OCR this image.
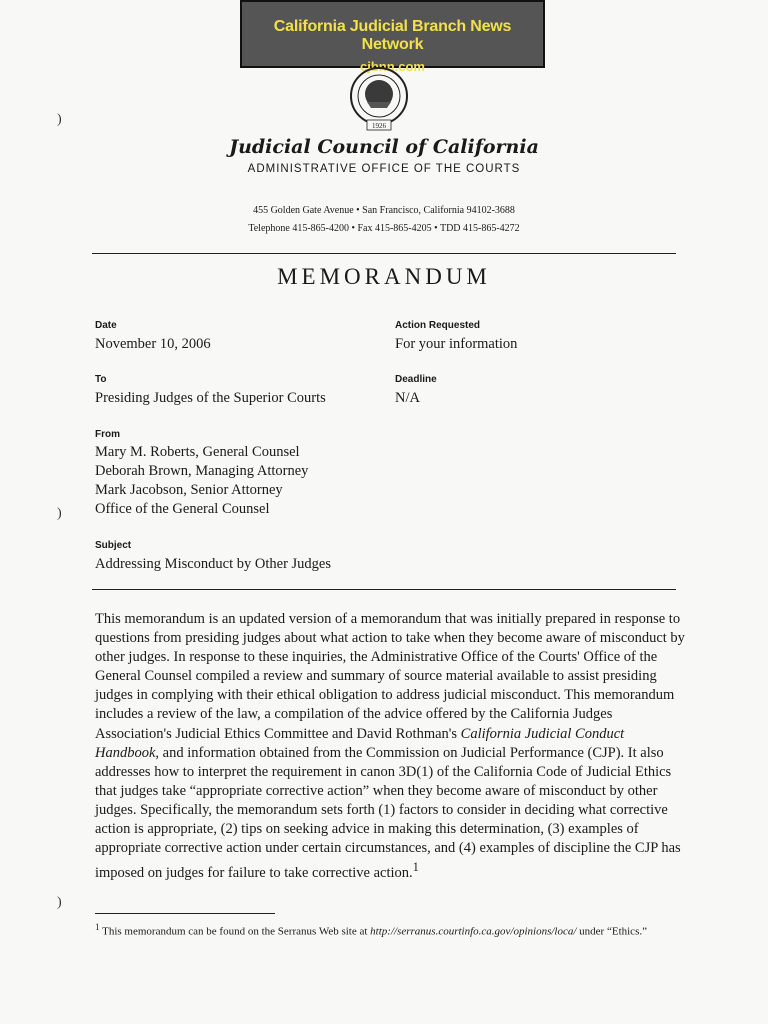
California Judicial Branch News Network
cjbnn.com
1926
Judicial Council of California
ADMINISTRATIVE OFFICE OF THE COURTS
455 Golden Gate Avenue • San Francisco, California 94102-3688
Telephone 415-865-4200 • Fax 415-865-4205 • TDD 415-865-4272
MEMORANDUM
Date
November 10, 2006
Action Requested
For your information
To
Presiding Judges of the Superior Courts
Deadline
N/A
From
Mary M. Roberts, General Counsel
Deborah Brown, Managing Attorney
Mark Jacobson, Senior Attorney
Office of the General Counsel
Subject
Addressing Misconduct by Other Judges
This memorandum is an updated version of a memorandum that was initially prepared in response to questions from presiding judges about what action to take when they become aware of misconduct by other judges. In response to these inquiries, the Administrative Office of the Courts' Office of the General Counsel compiled a review and summary of source material available to assist presiding judges in complying with their ethical obligation to address judicial misconduct. This memorandum includes a review of the law, a compilation of the advice offered by the California Judges Association's Judicial Ethics Committee and David Rothman's California Judicial Conduct Handbook, and information obtained from the Commission on Judicial Performance (CJP). It also addresses how to interpret the requirement in canon 3D(1) of the California Code of Judicial Ethics that judges take “appropriate corrective action” when they become aware of misconduct by other judges. Specifically, the memorandum sets forth (1) factors to consider in deciding what corrective action is appropriate, (2) tips on seeking advice in making this determination, (3) examples of appropriate corrective action under certain circumstances, and (4) examples of discipline the CJP has imposed on judges for failure to take corrective action.$^1$
$^1$ This memorandum can be found on the Serranus Web site at http://serranus.courtinfo.ca.gov/opinions/loca/ under “Ethics.”
)
)
)
